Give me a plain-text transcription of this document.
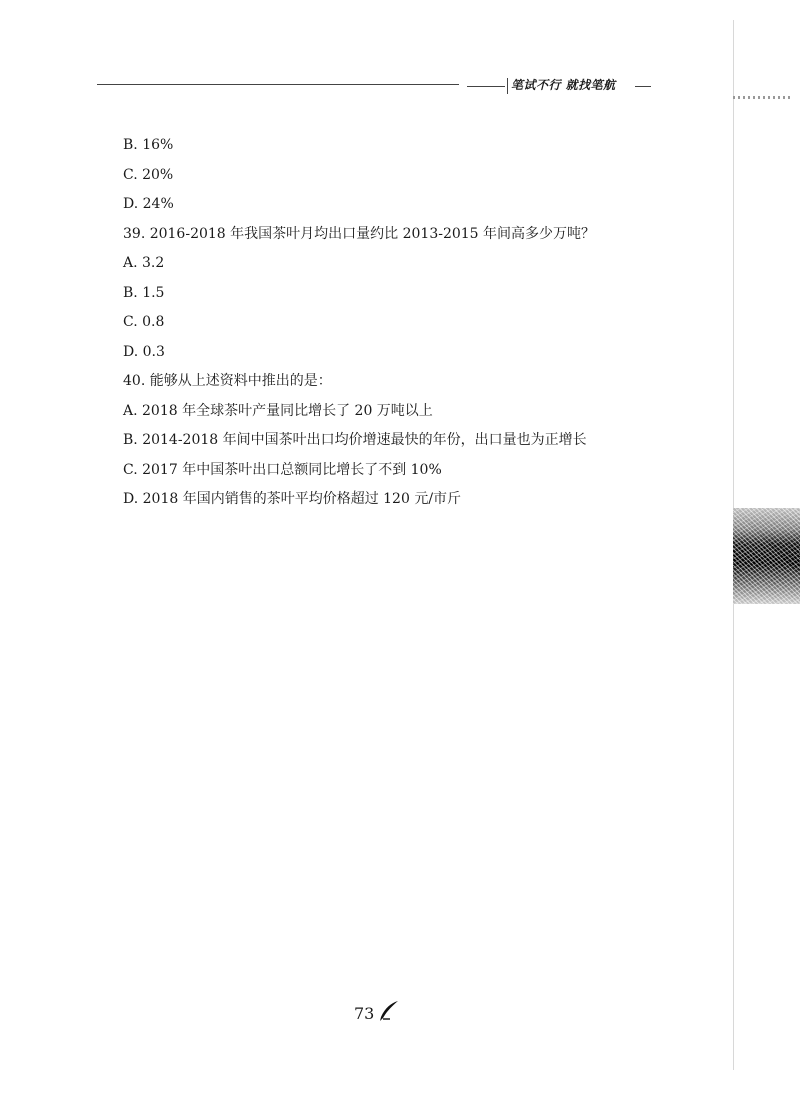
笔试不行 就找笔航
B. 16%
C. 20%
D. 24%
39. 2016-2018 年我国茶叶月均出口量约比 2013-2015 年间高多少万吨？
A. 3.2
B. 1.5
C. 0.8
D. 0.3
40. 能够从上述资料中推出的是：
A. 2018 年全球茶叶产量同比增长了 20 万吨以上
B. 2014-2018 年间中国茶叶出口均价增速最快的年份，出口量也为正增长
C. 2017 年中国茶叶出口总额同比增长了不到 10%
D. 2018 年国内销售的茶叶平均价格超过 120 元/市斤
73
